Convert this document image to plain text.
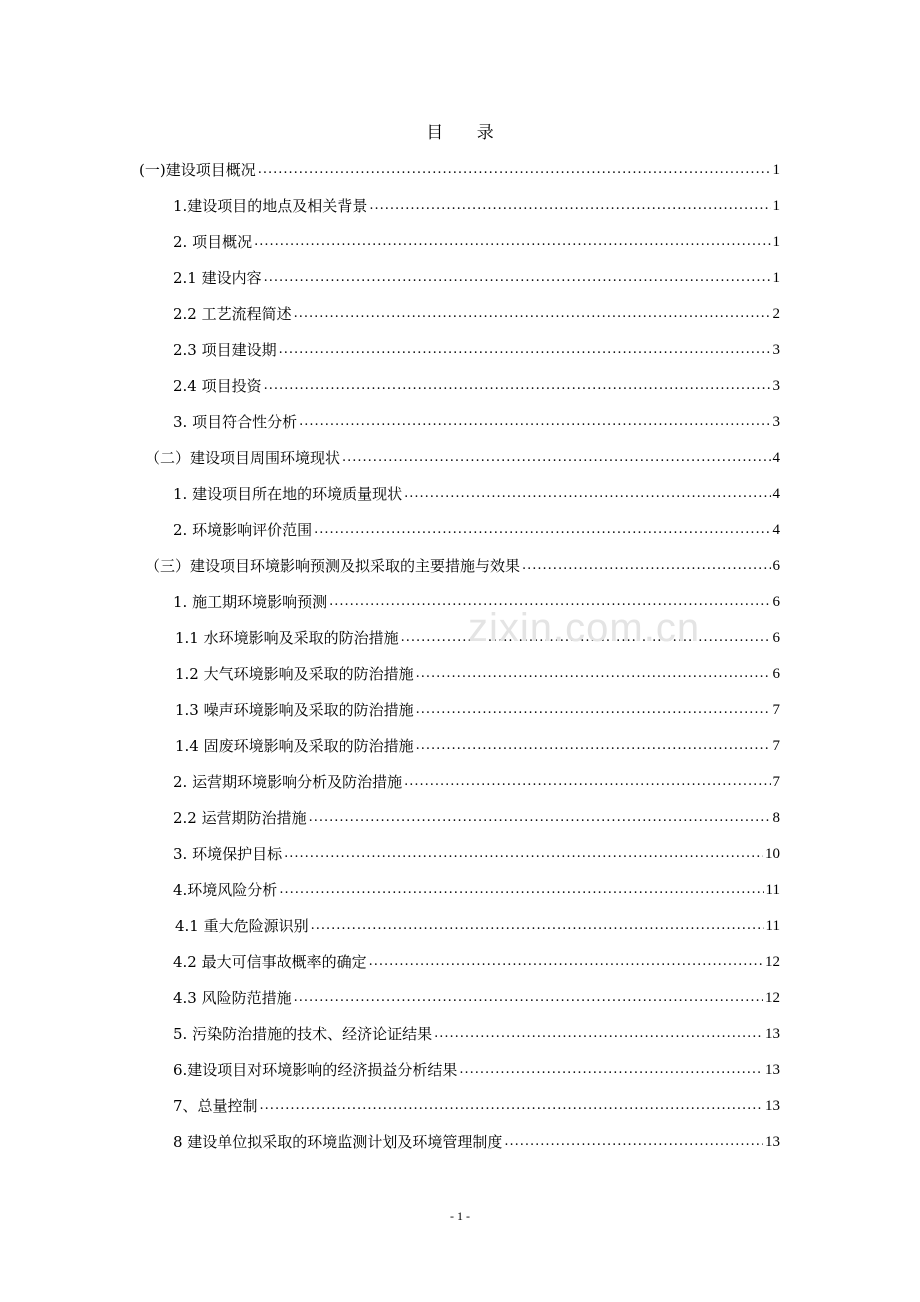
目 录
(一)建设项目概况 .....	1
1.建设项目的地点及相关背景 .....	1
2. 项目概况 .....	1
2.1 建设内容 .....	1
2.2 工艺流程简述 .....	2
2.3 项目建设期 .....	3
2.4 项目投资 .....	3
3. 项目符合性分析 .....	3
（二）建设项目周围环境现状 .....	4
1. 建设项目所在地的环境质量现状 .....	4
2. 环境影响评价范围 .....	4
（三）建设项目环境影响预测及拟采取的主要措施与效果 .....	6
1. 施工期环境影响预测 .....	6
1.1 水环境影响及采取的防治措施 .....	6
1.2 大气环境影响及采取的防治措施 .....	6
1.3 噪声环境影响及采取的防治措施 .....	7
1.4 固废环境影响及采取的防治措施 .....	7
2. 运营期环境影响分析及防治措施 .....	7
2.2 运营期防治措施 .....	8
3. 环境保护目标 .....	10
4.环境风险分析 .....	11
4.1 重大危险源识别 .....	11
4.2 最大可信事故概率的确定 .....	12
4.3 风险防范措施 .....	12
5. 污染防治措施的技术、经济论证结果 .....	13
6.建设项目对环境影响的经济损益分析结果 .....	13
7、总量控制 .....	13
8 建设单位拟采取的环境监测计划及环境管理制度 .....	13
zixin.com.cn
- 1 -
